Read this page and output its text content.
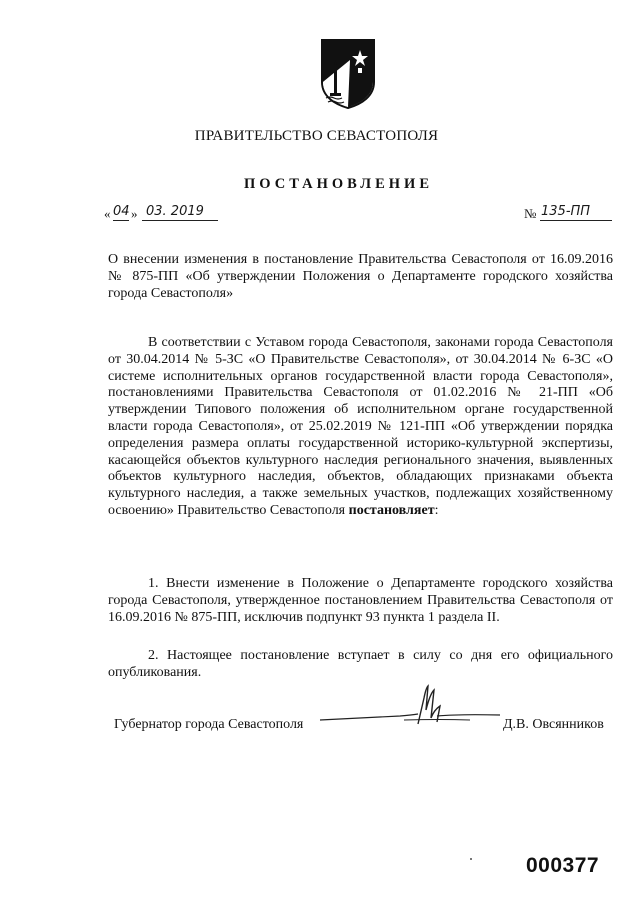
ПРАВИТЕЛЬСТВО СЕВАСТОПОЛЯ
ПОСТАНОВЛЕНИЕ
« 04 » 03. 2019	№ 135-ПП

О внесении изменения в постановление Правительства Севастополя от 16.09.2016 № 875-ПП «Об утверждении Положения о Департаменте городского хозяйства города Севастополя»

В соответствии с Уставом города Севастополя, законами города Севастополя от 30.04.2014 № 5-ЗС «О Правительстве Севастополя», от 30.04.2014 № 6-ЗС «О системе исполнительных органов государственной власти города Севастополя», постановлениями Правительства Севастополя от 01.02.2016 № 21-ПП «Об утверждении Типового положения об исполнительном органе государственной власти города Севастополя», от 25.02.2019 № 121-ПП «Об утверждении порядка определения размера оплаты государственной историко-культурной экспертизы, касающейся объектов культурного наследия регионального значения, выявленных объектов культурного наследия, объектов, обладающих признаками объекта культурного наследия, а также земельных участков, подлежащих хозяйственному освоению» Правительство Севастополя постановляет:

1. Внести изменение в Положение о Департаменте городского хозяйства города Севастополя, утвержденное постановлением Правительства Севастополя от 16.09.2016 № 875-ПП, исключив подпункт 93 пункта 1 раздела II.

2. Настоящее постановление вступает в силу со дня его официального опубликования.

Губернатор города Севастополя	Д.В. Овсянников
000377
